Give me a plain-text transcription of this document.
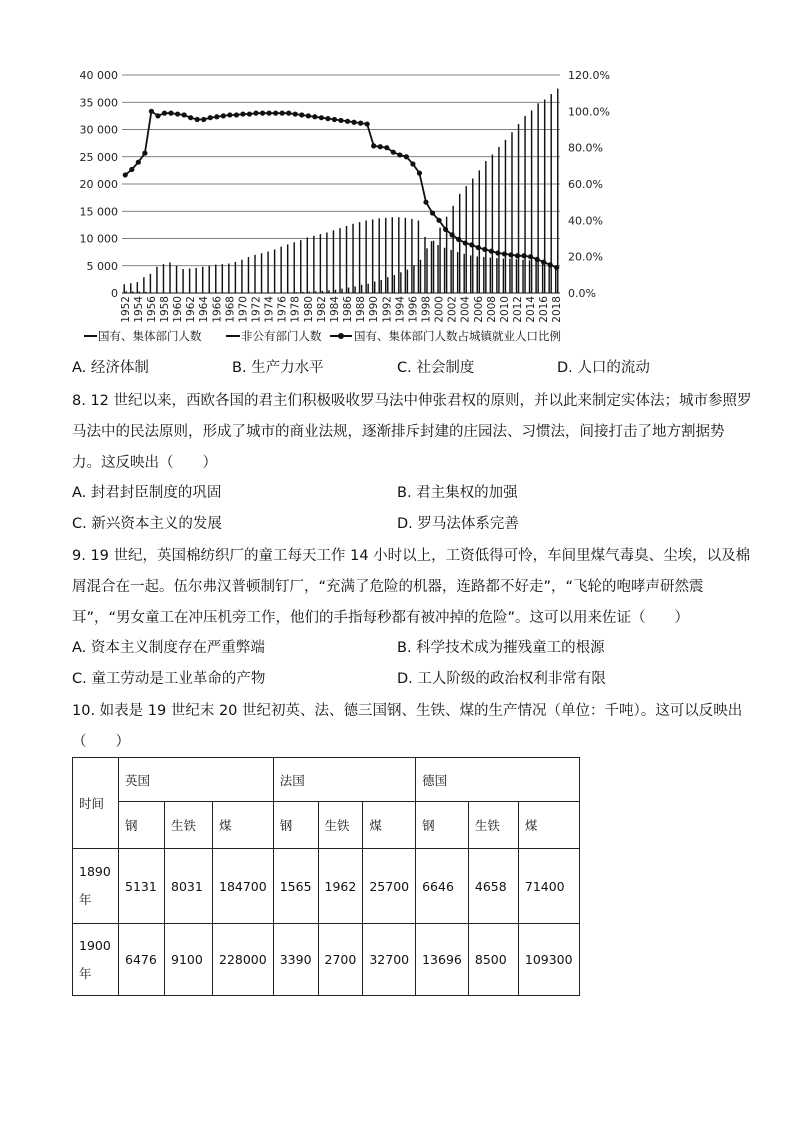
40 000
35 000
30 000
25 000
20 000
15 000
10 000
5 000
0
120.0%
100.0%
80.0%
60.0%
40.0%
20.0%
0.0%
1952 1954 1956 1958 1960 1962 1964 1966 1968 1970 1972 1974 1976 1978 1980 1982 1984 1986 1988 1990 1992 1994 1996 1998 2000 2002 2004 2006 2008 2010 2012 2014 2016 2018
国有、集体部门人数	非公有部门人数	国有、集体部门人数占城镇就业人口比例
A. 经济体制	B. 生产力水平	C. 社会制度	D. 人口的流动
8. 12 世纪以来，西欧各国的君主们积极吸收罗马法中伸张君权的原则，并以此来制定实体法；城市参照罗
马法中的民法原则，形成了城市的商业法规，逐渐排斥封建的庄园法、习惯法，间接打击了地方割据势
力。这反映出（　　）
A. 封君封臣制度的巩固	B. 君主集权的加强
C. 新兴资本主义的发展	D. 罗马法体系完善
9. 19 世纪，英国棉纺织厂的童工每天工作 14 小时以上，工资低得可怜，车间里煤气毒臭、尘埃，以及棉
屑混合在一起。伍尔弗汉普顿制钉厂，“充满了危险的机器，连路都不好走”，“飞轮的咆哮声研然震
耳”，“男女童工在冲压机旁工作，他们的手指每秒都有被冲掉的危险”。这可以用来佐证（　　）
A. 资本主义制度存在严重弊端	B. 科学技术成为摧残童工的根源
C. 童工劳动是工业革命的产物	D. 工人阶级的政治权利非常有限
10. 如表是 19 世纪末 20 世纪初英、法、德三国钢、生铁、煤的生产情况（单位：千吨）。这可以反映出
（　　）
时间	英国			法国			德国		
	钢	生铁	煤	钢	生铁	煤	钢	生铁	煤
1890
年	5131	8031	184700	1565	1962	25700	6646	4658	71400
1900
年	6476	9100	228000	3390	2700	32700	13696	8500	109300
